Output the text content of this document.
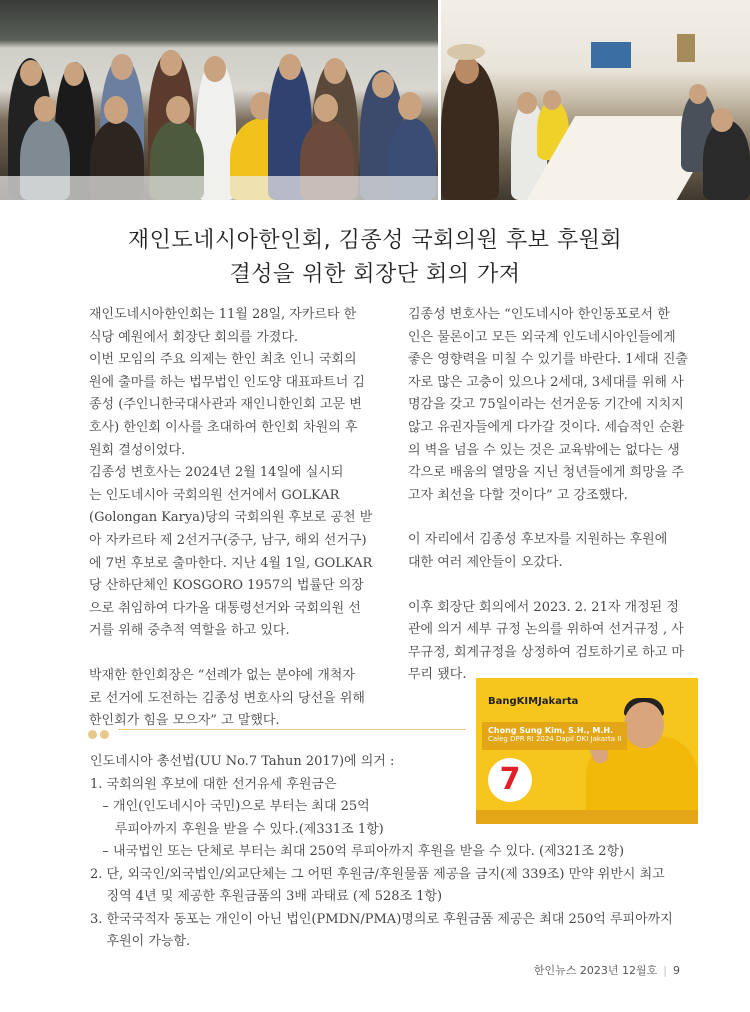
재인도네시아한인회, 김종성 국회의원 후보 후원회
결성을 위한 회장단 회의 가져

재인도네시아한인회는 11월 28일, 자카르타 한

식당 예원에서 회장단 회의를 가졌다.

이번 모임의 주요 의제는 한인 최초 인니 국회의

원에 출마를 하는 법무법인 인도양 대표파트너 김

종성 (주인니한국대사관과 재인니한인회 고문 변

호사) 한인회 이사를 초대하여 한인회 차원의 후

원회 결성이었다.

김종성 변호사는 2024년 2월 14일에 실시되

는 인도네시아 국회의원 선거에서 GOLKAR

(Golongan Karya)당의 국회의원 후보로 공천 받

아 자카르타 제 2선거구(중구, 남구, 해외 선거구)

에 7번 후보로 출마한다. 지난 4월 1일, GOLKAR

당 산하단체인 KOSGORO 1957의 법률단 의장

으로 취임하여 다가올 대통령선거와 국회의원 선

거를 위해 중추적 역할을 하고 있다.

박재한 한인회장은 “선례가 없는 분야에 개척자

로 선거에 도전하는 김종성 변호사의 당선을 위해

한인회가 힘을 모으자” 고 말했다.

김종성 변호사는 “인도네시아 한인동포로서 한

인은 물론이고 모든 외국계 인도네시아인들에게

좋은 영향력을 미칠 수 있기를 바란다. 1세대 진출

자로 많은 고충이 있으나 2세대, 3세대를 위해 사

명감을 갖고 75일이라는 선거운동 기간에 지치지

않고 유권자들에게 다가갈 것이다. 세습적인 순환

의 벽을 넘을 수 있는 것은 교육밖에는 없다는 생

각으로 배움의 열망을 지닌 청년들에게 희망을 주

고자 최선을 다할 것이다” 고 강조했다.

이 자리에서 김종성 후보자를 지원하는 후원에

대한 여러 제안들이 오갔다.

이후 회장단 회의에서 2023. 2. 21자 개정된 정

관에 의거 세부 규정 논의를 위하여 선거규정 , 사

무규정, 회계규정을 상정하여 검토하기로 하고 마

무리 됐다.

BangKIMJakarta
Chong Sung Kim, S.H., M.H.
Caleg DPR RI 2024 Dapil DKI Jakarta II
7
인도네시아 총선법(UU No.7 Tahun 2017)에 의거 :
1. 국회의원 후보에 대한 선거유세 후원금은
– 개인(인도네시아 국민)으로 부터는 최대 25억
루피아까지 후원을 받을 수 있다.(제331조 1항)
– 내국법인 또는 단체로 부터는 최대 250억 루피아까지 후원을 받을 수 있다. (제321조 2항)
2. 단, 외국인/외국법인/외교단체는 그 어떤 후원금/후원물품 제공을 금지(제 339조) 만약 위반시 최고
징역 4년 및 제공한 후원금품의 3배 과태료 (제 528조 1항)
3. 한국국적자 동포는 개인이 아닌 법인(PMDN/PMA)명의로 후원금품 제공은 최대 250억 루피아까지
후원이 가능함.
한인뉴스 2023년 12월호 | 9
